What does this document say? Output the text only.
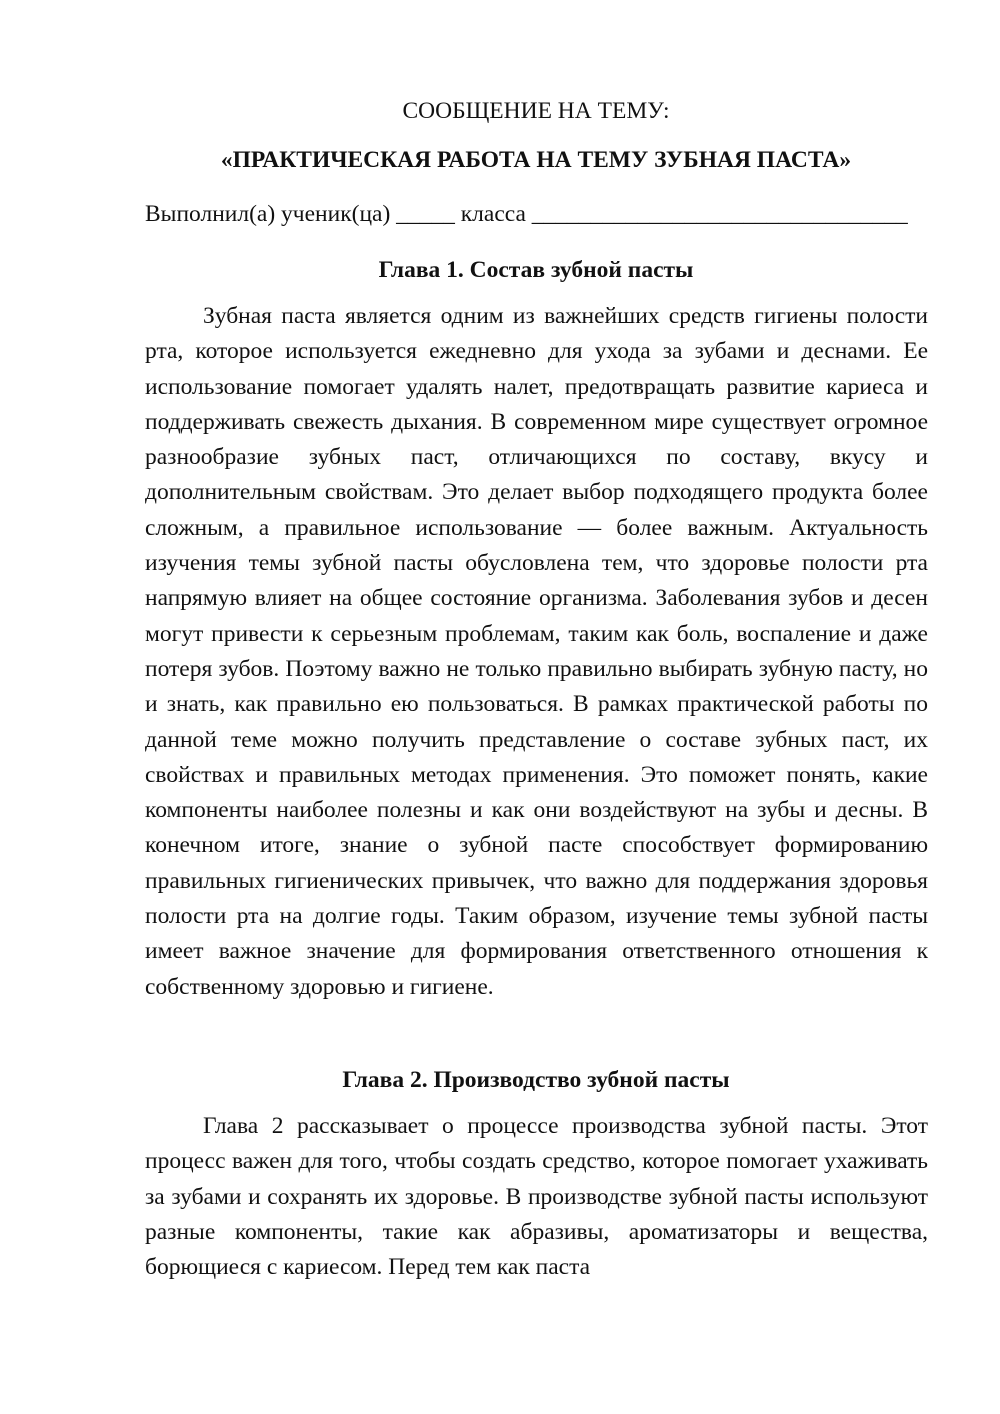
СООБЩЕНИЕ НА ТЕМУ:

«ПРАКТИЧЕСКАЯ РАБОТА НА ТЕМУ ЗУБНАЯ ПАСТА»

Выполнил(а) ученик(ца) _____ класса ________________________________

Глава 1. Состав зубной пасты

Зубная паста является одним из важнейших средств гигиены полости рта, которое используется ежедневно для ухода за зубами и деснами. Ее использование помогает удалять налет, предотвращать развитие кариеса и поддерживать свежесть дыхания. В современном мире существует огромное разнообразие зубных паст, отличающихся по составу, вкусу и дополнительным свойствам. Это делает выбор подходящего продукта более сложным, а правильное использование — более важным. Актуальность изучения темы зубной пасты обусловлена тем, что здоровье полости рта напрямую влияет на общее состояние организма. Заболевания зубов и десен могут привести к серьезным проблемам, таким как боль, воспаление и даже потеря зубов. Поэтому важно не только правильно выбирать зубную пасту, но и знать, как правильно ею пользоваться. В рамках практической работы по данной теме можно получить представление о составе зубных паст, их свойствах и правильных методах применения. Это поможет понять, какие компоненты наиболее полезны и как они воздействуют на зубы и десны. В конечном итоге, знание о зубной пасте способствует формированию правильных гигиенических привычек, что важно для поддержания здоровья полости рта на долгие годы. Таким образом, изучение темы зубной пасты имеет важное значение для формирования ответственного отношения к собственному здоровью и гигиене.

Глава 2. Производство зубной пасты

Глава 2 рассказывает о процессе производства зубной пасты. Этот процесс важен для того, чтобы создать средство, которое помогает ухаживать за зубами и сохранять их здоровье. В производстве зубной пасты используют разные компоненты, такие как абразивы, ароматизаторы и вещества, борющиеся с кариесом. Перед тем как паста
